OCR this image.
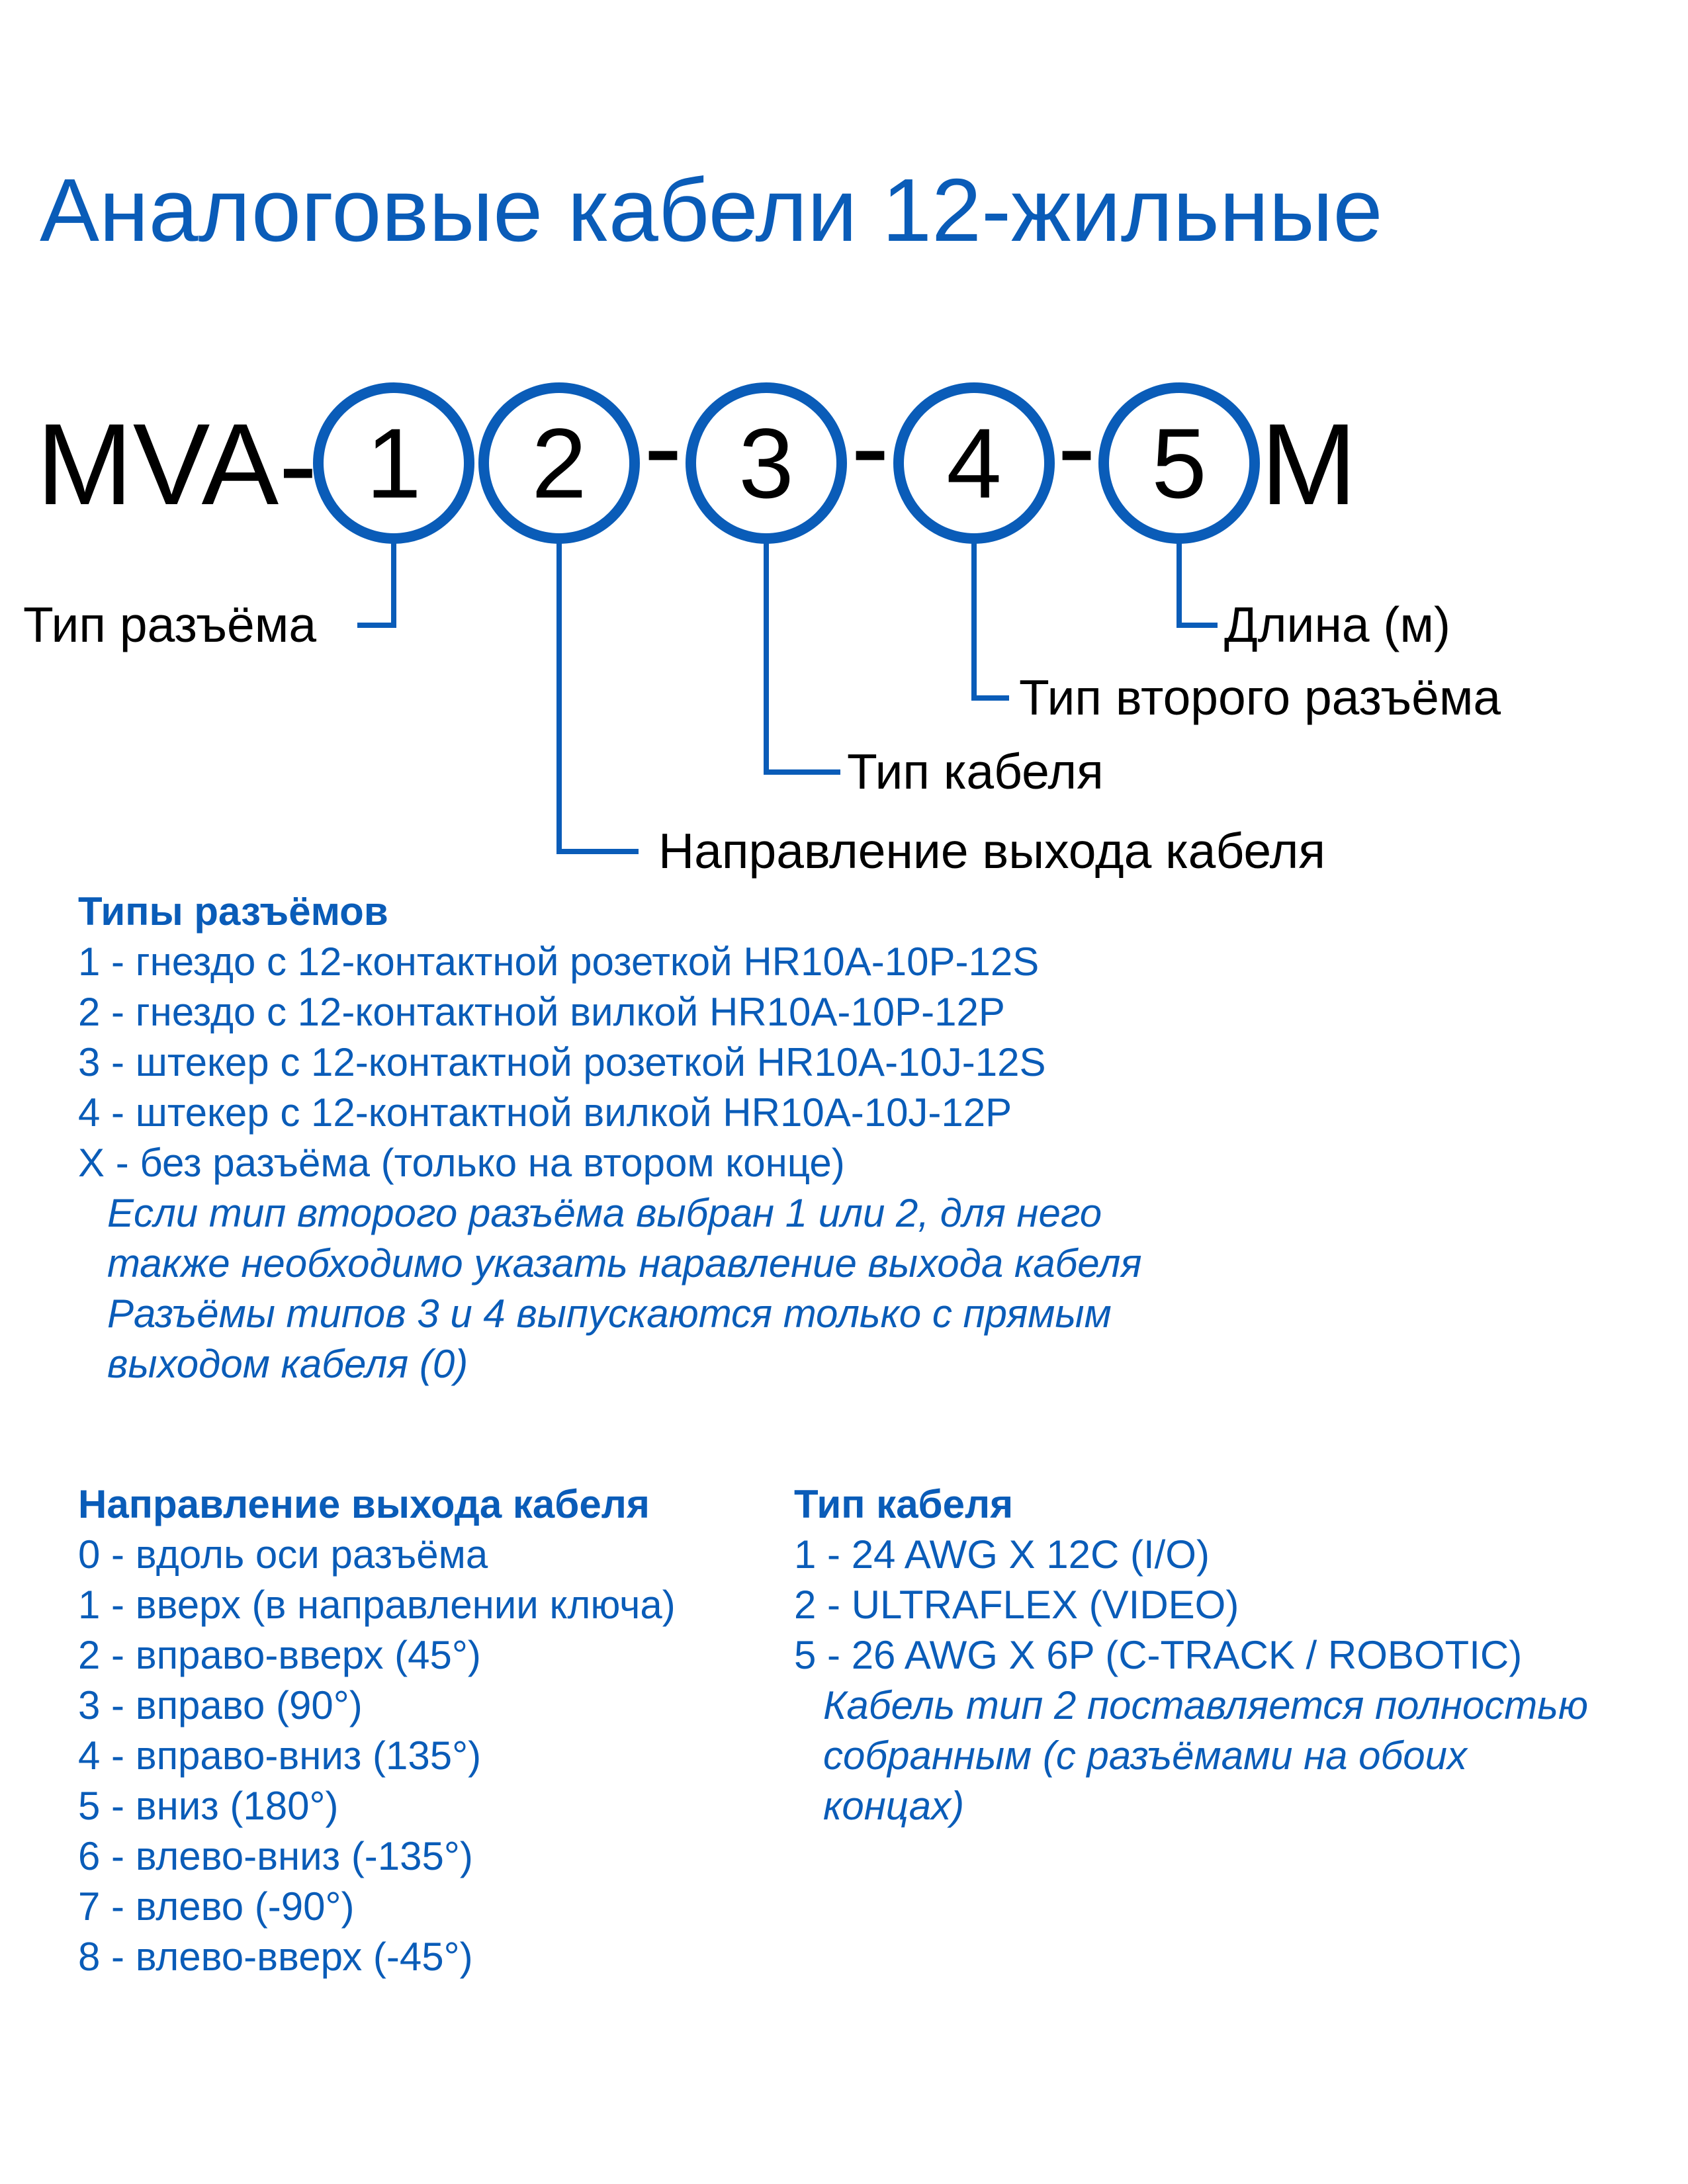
Аналоговые кабели 12-жильные
MVA- 1 2 3 4 5
- - - M
Тип разъёма
Направление выхода кабеля
Тип кабеля
Тип второго разъёма
Длина (м)
Типы разъёмов
1 - гнездо с 12-контактной розеткой HR10A-10P-12S
2 - гнездо с 12-контактной вилкой HR10A-10P-12P
3 - штекер с 12-контактной розеткой HR10A-10J-12S
4 - штекер с 12-контактной вилкой HR10A-10J-12P
X - без разъёма (только на втором конце)
Если тип второго разъёма выбран 1 или 2, для него
также необходимо указать наравление выхода кабеля
Разъёмы типов 3 и 4 выпускаются только с прямым
выходом кабеля (0)
Направление выхода кабеля
0 - вдоль оси разъёма
1 - вверх (в направлении ключа)
2 - вправо-вверх (45°)
3 - вправо (90°)
4 - вправо-вниз (135°)
5 - вниз (180°)
6 - влево-вниз (-135°)
7 - влево (-90°)
8 - влево-вверх (-45°)
Тип кабеля
1 - 24 AWG X 12C (I/O)
2 - ULTRAFLEX (VIDEO)
5 - 26 AWG X 6P (C-TRACK / ROBOTIC)
Кабель тип 2 поставляется полностью
собранным (с разъёмами на обоих
концах)
